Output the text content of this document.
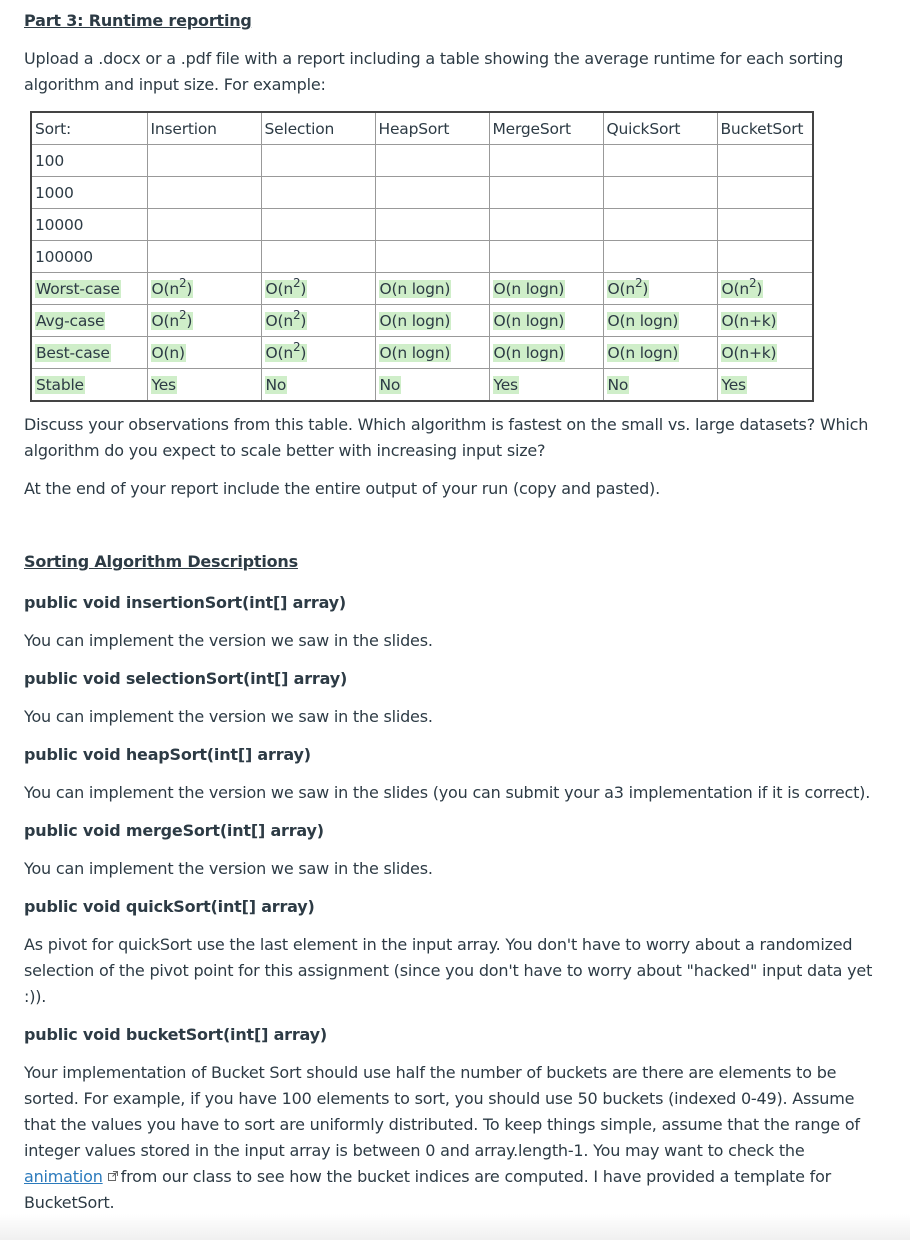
Part 3: Runtime reporting

Upload a .docx or a .pdf file with a report including a table showing the average runtime for each sorting algorithm and input size. For example:

Sort:	Insertion	Selection	HeapSort	MergeSort	QuickSort	BucketSort
100						
1000						
10000						
100000						
Worst-case	$O(n^2)$	$O(n^2)$	O(n logn)	O(n logn)	$O(n^2)$	$O(n^2)$
Avg-case	$O(n^2)$	$O(n^2)$	O(n logn)	O(n logn)	O(n logn)	O(n+k)
Best-case	O(n)	$O(n^2)$	O(n logn)	O(n logn)	O(n logn)	O(n+k)
Stable	Yes	No	No	Yes	No	Yes

Discuss your observations from this table. Which algorithm is fastest on the small vs. large datasets? Which algorithm do you expect to scale better with increasing input size?

At the end of your report include the entire output of your run (copy and pasted).

Sorting Algorithm Descriptions

public void insertionSort(int[] array)

You can implement the version we saw in the slides.

public void selectionSort(int[] array)

You can implement the version we saw in the slides.

public void heapSort(int[] array)

You can implement the version we saw in the slides (you can submit your a3 implementation if it is correct).

public void mergeSort(int[] array)

You can implement the version we saw in the slides.

public void quickSort(int[] array)

As pivot for quickSort use the last element in the input array. You don't have to worry about a randomized selection of the pivot point for this assignment (since you don't have to worry about "hacked" input data yet :)).

public void bucketSort(int[] array)

Your implementation of Bucket Sort should use half the number of buckets are there are elements to be sorted. For example, if you have 100 elements to sort, you should use 50 buckets (indexed 0-49). Assume that the values you have to sort are uniformly distributed. To keep things simple, assume that the range of integer values stored in the input array is between 0 and array.length-1. You may want to check the animation from our class to see how the bucket indices are computed. I have provided a template for BucketSort.
